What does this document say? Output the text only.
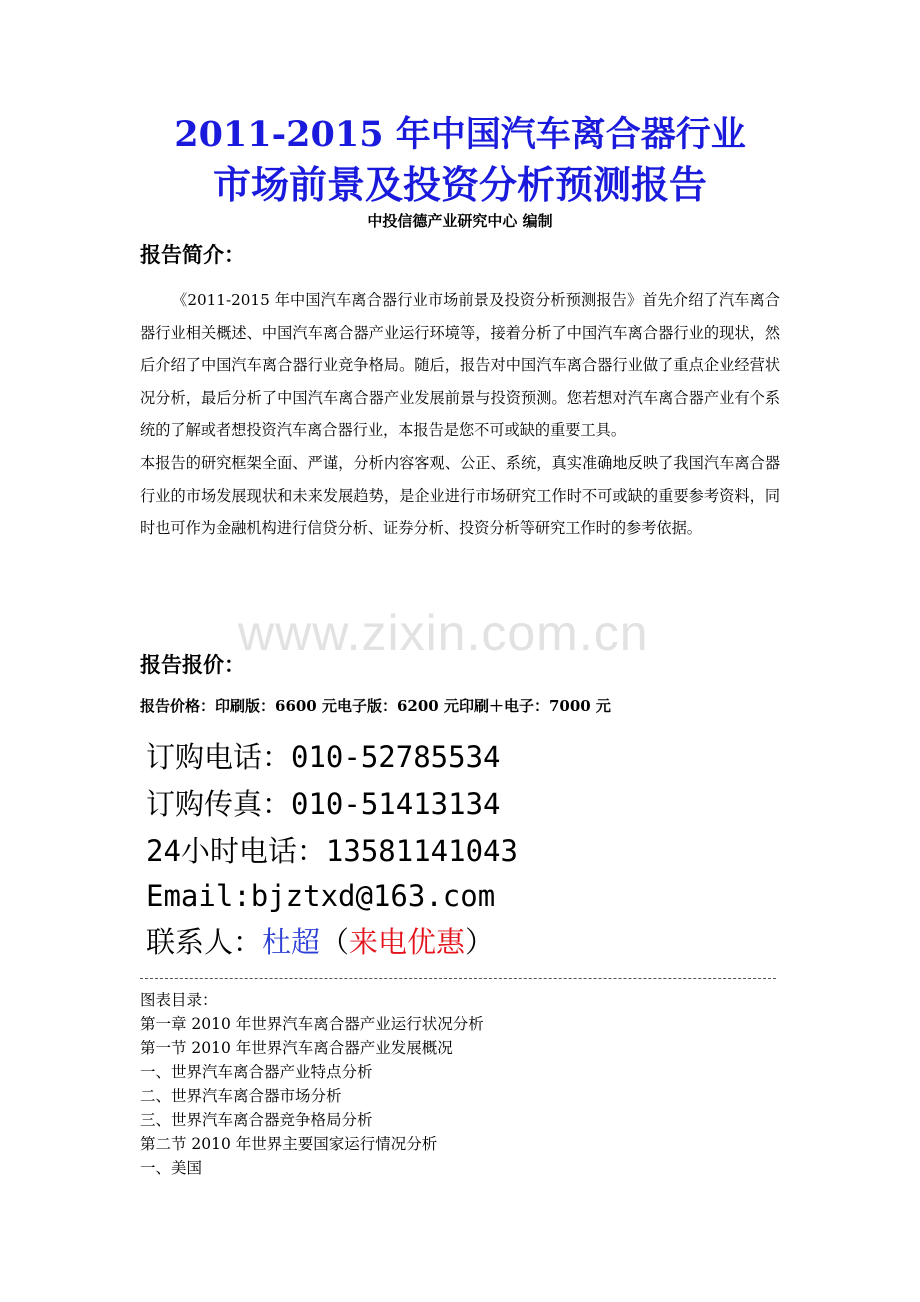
2011-2015 年中国汽车离合器行业
市场前景及投资分析预测报告
中投信德产业研究中心 编制
报告简介：

《2011-2015 年中国汽车离合器行业市场前景及投资分析预测报告》首先介绍了汽车离合器行业相关概述、中国汽车离合器产业运行环境等，接着分析了中国汽车离合器行业的现状，然后介绍了中国汽车离合器行业竞争格局。随后，报告对中国汽车离合器行业做了重点企业经营状况分析，最后分析了中国汽车离合器产业发展前景与投资预测。您若想对汽车离合器产业有个系统的了解或者想投资汽车离合器行业，本报告是您不可或缺的重要工具。

本报告的研究框架全面、严谨，分析内容客观、公正、系统，真实准确地反映了我国汽车离合器行业的市场发展现状和未来发展趋势，是企业进行市场研究工作时不可或缺的重要参考资料，同时也可作为金融机构进行信贷分析、证券分析、投资分析等研究工作时的参考依据。

www.zixin.com.cn
报告报价：
报告价格：印刷版：6600 元电子版：6200 元印刷＋电子：7000 元
订购电话：010-52785534
订购传真：010-51413134
24小时电话：13581141043
Email:bjztxd@163.com
联系人：杜超（来电优惠）
图表目录：
第一章 2010 年世界汽车离合器产业运行状况分析
第一节 2010 年世界汽车离合器产业发展概况
一、世界汽车离合器产业特点分析
二、世界汽车离合器市场分析
三、世界汽车离合器竞争格局分析
第二节 2010 年世界主要国家运行情况分析
一、美国
